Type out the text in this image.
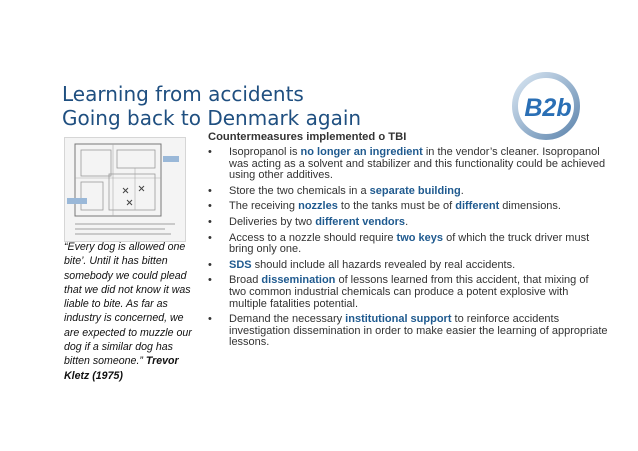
Learning from accidents
Going back to Denmark again	B2b
“Every dog is allowed one bite’. Until it has bitten somebody we could plead that we did not know it was liable to bite. As far as industry is concerned, we are expected to muzzle our dog if a similar dog has bitten someone.” Trevor Kletz (1975)
Countermeasures implemented o TBI
• Isopropanol is no longer an ingredient in the vendor’s cleaner. Isopropanol was acting as a solvent and stabilizer and this functionality could be achieved using other additives.
• Store the two chemicals in a separate building.
• The receiving nozzles to the tanks must be of different dimensions.
• Deliveries by two different vendors.
• Access to a nozzle should require two keys of which the truck driver must bring only one.
• SDS should include all hazards revealed by real accidents.
• Broad dissemination of lessons learned from this accident, that mixing of two common industrial chemicals can produce a potent explosive with multiple fatalities potential.
• Demand the necessary institutional support to reinforce accidents investigation dissemination in order to make easier the learning of appropriate lessons.
